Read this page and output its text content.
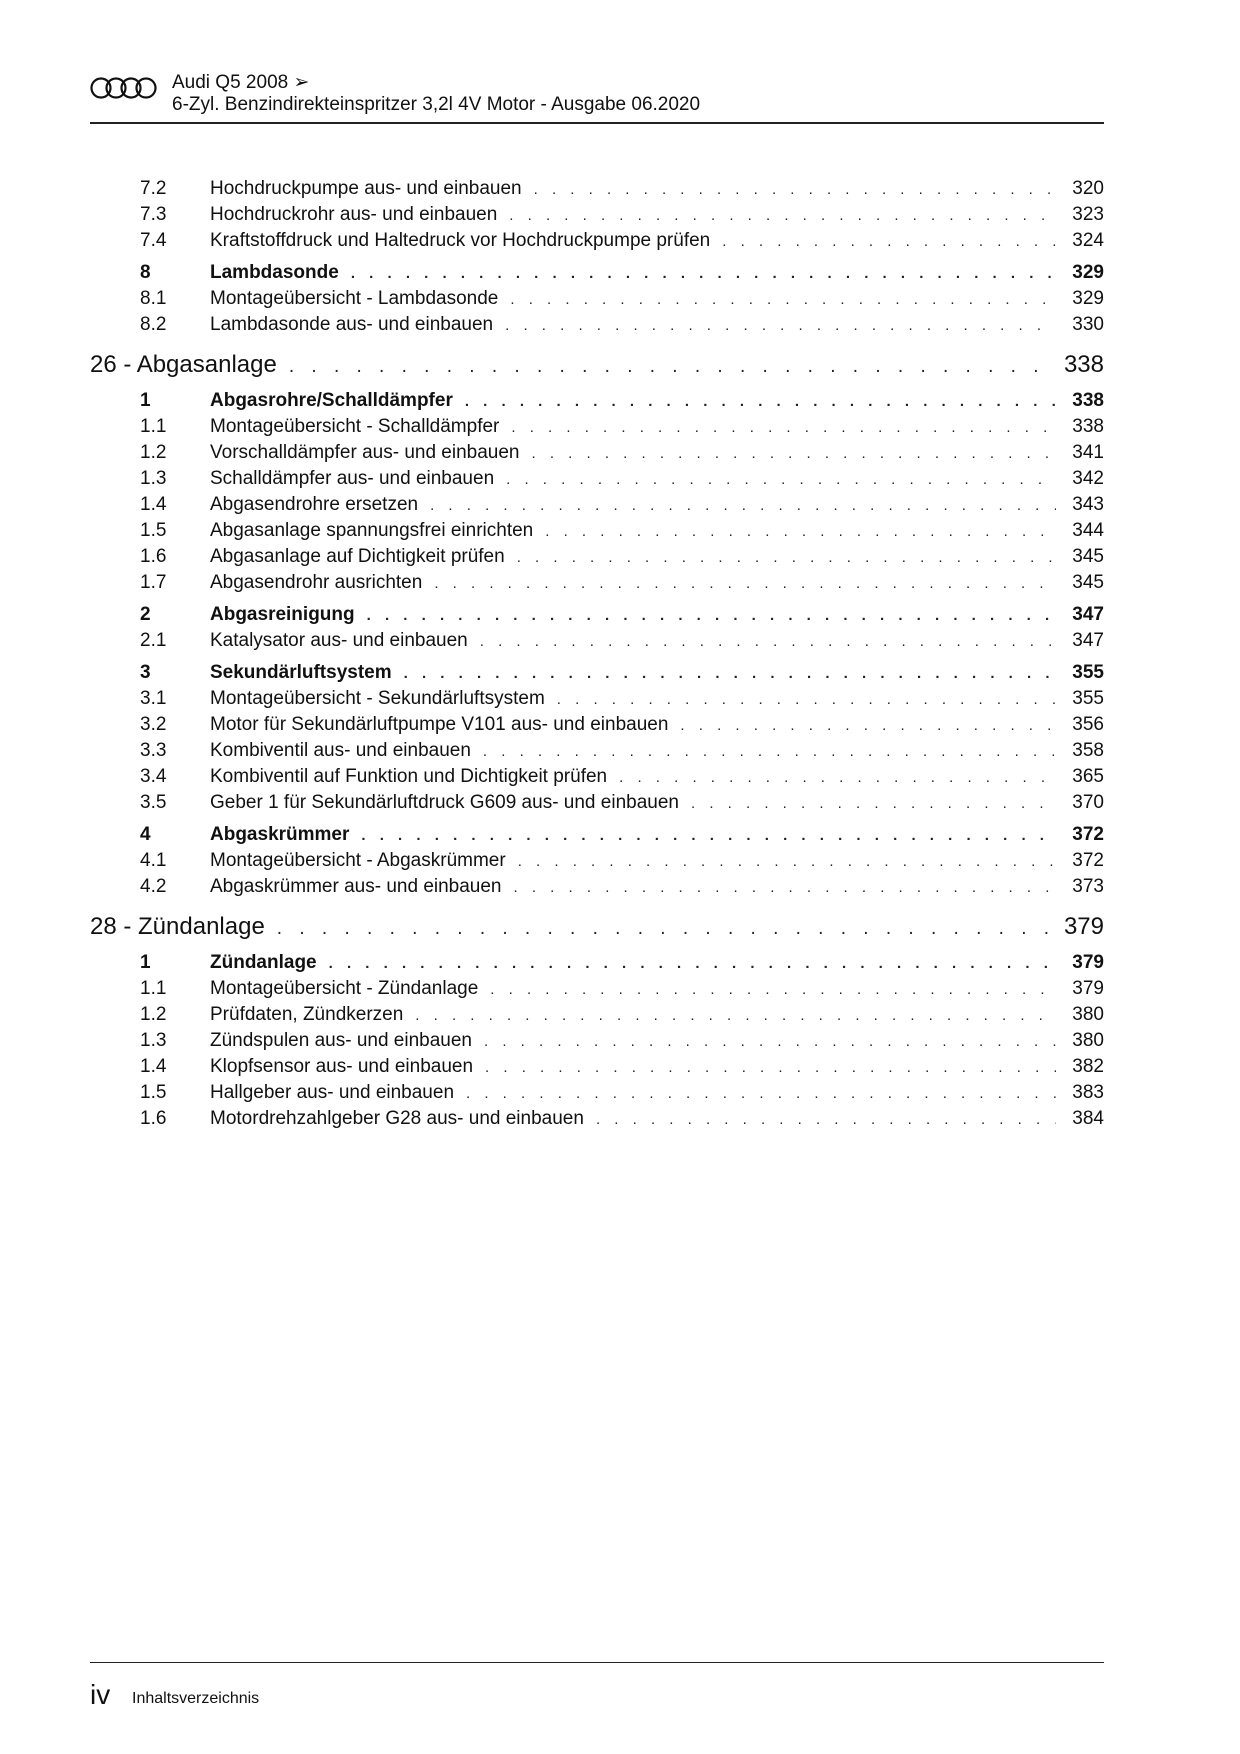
Audi Q5 2008 ➢
6-Zyl. Benzindirekteinspritzer 3,2l 4V Motor - Ausgabe 06.2020
7.2	Hochdruckpumpe aus- und einbauen . . .	320
7.3	Hochdruckrohr aus- und einbauen . . .	323
7.4	Kraftstoffdruck und Haltedruck vor Hochdruckpumpe prüfen . . .	324
8	Lambdasonde . . .	329
8.1	Montageübersicht - Lambdasonde . . .	329
8.2	Lambdasonde aus- und einbauen . . .	330
26 - Abgasanlage . . .	338
1	Abgasrohre/Schalldämpfer . . .	338
1.1	Montageübersicht - Schalldämpfer . . .	338
1.2	Vorschalldämpfer aus- und einbauen . . .	341
1.3	Schalldämpfer aus- und einbauen . . .	342
1.4	Abgasendrohre ersetzen . . .	343
1.5	Abgasanlage spannungsfrei einrichten . . .	344
1.6	Abgasanlage auf Dichtigkeit prüfen . . .	345
1.7	Abgasendrohr ausrichten . . .	345
2	Abgasreinigung . . .	347
2.1	Katalysator aus- und einbauen . . .	347
3	Sekundärluftsystem . . .	355
3.1	Montageübersicht - Sekundärluftsystem . . .	355
3.2	Motor für Sekundärluftpumpe V101 aus- und einbauen . . .	356
3.3	Kombiventil aus- und einbauen . . .	358
3.4	Kombiventil auf Funktion und Dichtigkeit prüfen . . .	365
3.5	Geber 1 für Sekundärluftdruck G609 aus- und einbauen . . .	370
4	Abgaskrümmer . . .	372
4.1	Montageübersicht - Abgaskrümmer . . .	372
4.2	Abgaskrümmer aus- und einbauen . . .	373
28 - Zündanlage . . .	379
1	Zündanlage . . .	379
1.1	Montageübersicht - Zündanlage . . .	379
1.2	Prüfdaten, Zündkerzen . . .	380
1.3	Zündspulen aus- und einbauen . . .	380
1.4	Klopfsensor aus- und einbauen . . .	382
1.5	Hallgeber aus- und einbauen . . .	383
1.6	Motordrehzahlgeber G28 aus- und einbauen . . .	384
iv Inhaltsverzeichnis
